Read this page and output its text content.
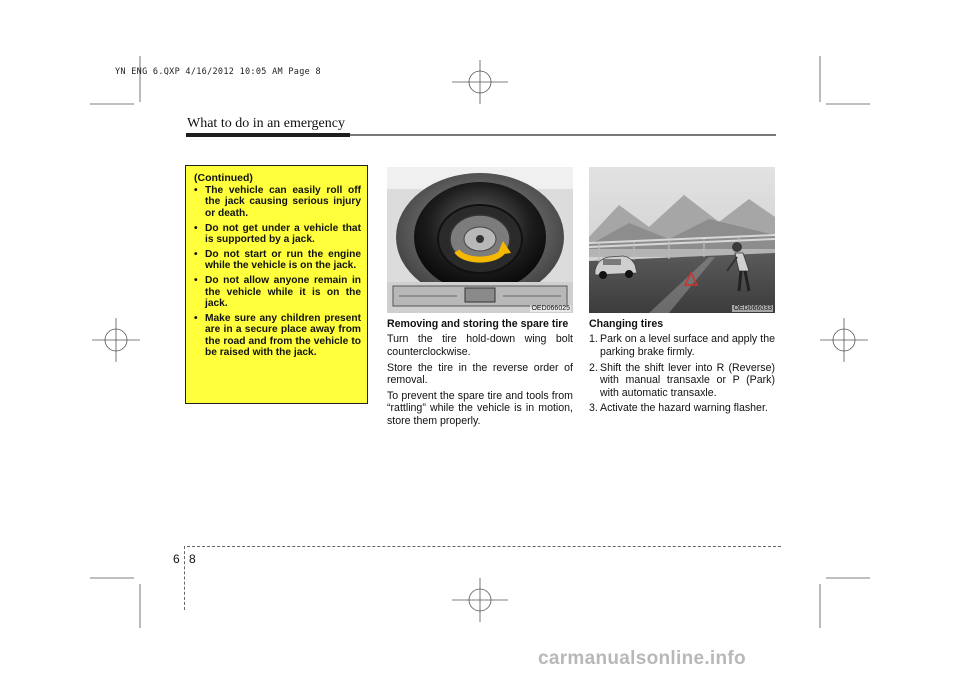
YN ENG 6.QXP 4/16/2012 10:05 AM Page 8
What to do in an emergency
(Continued)
• The vehicle can easily roll off the jack causing serious injury or death.
• Do not get under a vehicle that is supported by a jack.
• Do not start or run the engine while the vehicle is on the jack.
• Do not allow anyone remain in the vehicle while it is on the jack.
• Make sure any children present are in a secure place away from the road and from the vehicle to be raised with the jack.
OED066025	OED066033
Removing and storing the spare tire

Turn the tire hold-down wing bolt counterclockwise.

Store the tire in the reverse order of removal.

To prevent the spare tire and tools from “rattling” while the vehicle is in motion, store them properly.

Changing tires
1. Park on a level surface and apply the parking brake firmly.
2. Shift the shift lever into R (Reverse) with manual transaxle or P (Park) with automatic transaxle.
3. Activate the hazard warning flasher.
6 8
carmanualsonline.info
